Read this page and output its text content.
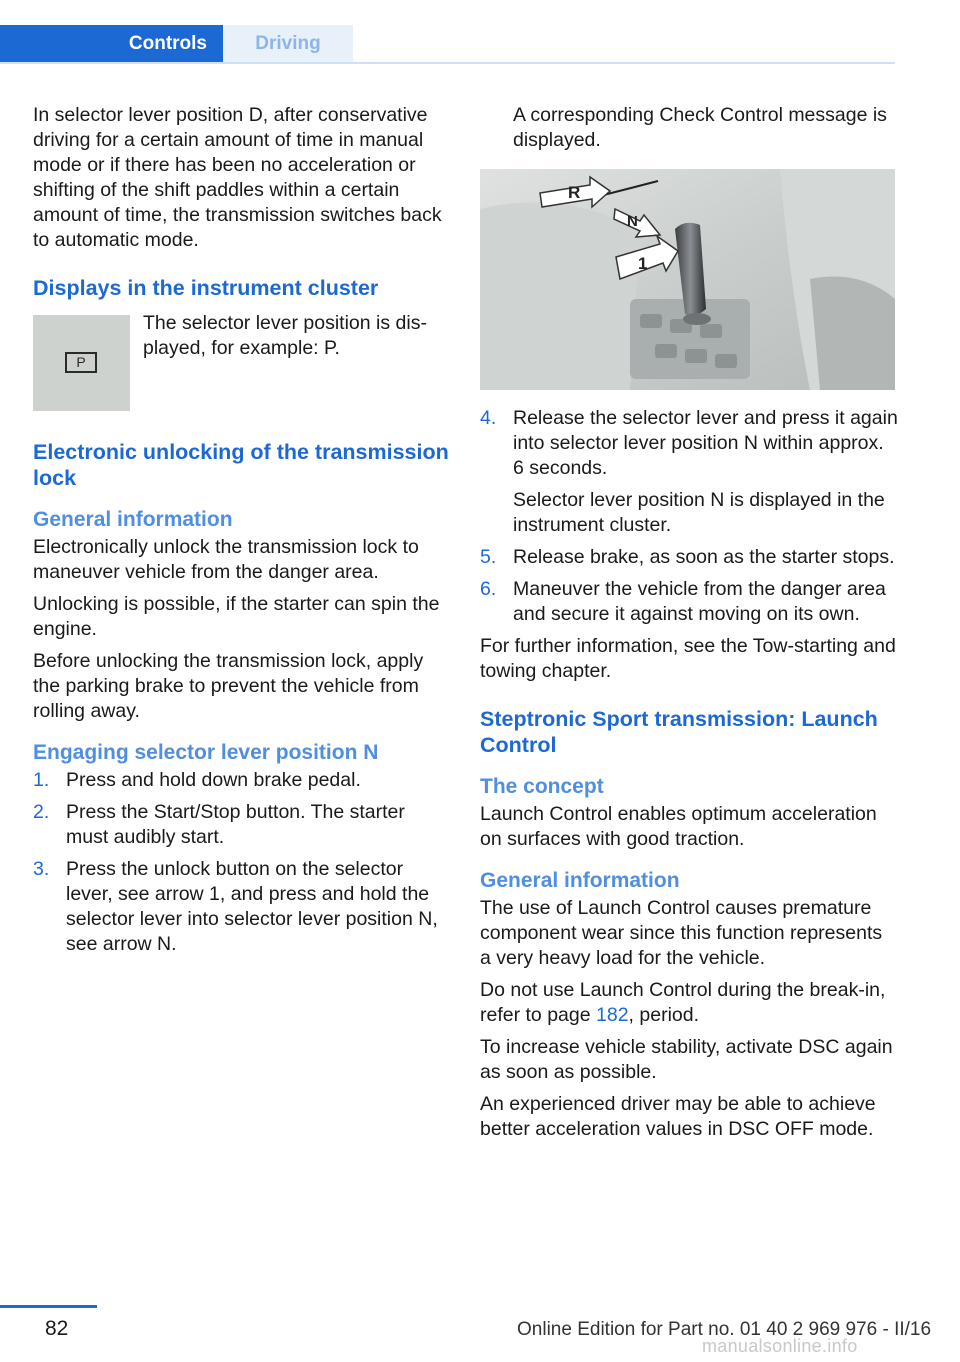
Controls	Driving

In selector lever position D, after conservative driving for a certain amount of time in manual mode or if there has been no acceleration or shifting of the shift paddles within a certain amount of time, the transmission switches back to automatic mode.

Displays in the instrument cluster
P
The selector lever position is dis‐played, for example: P.
Electronic unlocking of the transmission lock
General information

Electronically unlock the transmission lock to maneuver vehicle from the danger area.

Unlocking is possible, if the starter can spin the engine.

Before unlocking the transmission lock, apply the parking brake to prevent the vehicle from rolling away.

Engaging selector lever position N
1. Press and hold down brake pedal.
2. Press the Start/Stop button. The starter must audibly start.
3. Press the unlock button on the selector lever, see arrow 1, and press and hold the selector lever into selector lever position N, see arrow N.

A corresponding Check Control message is displayed.

R
N
1
4. Release the selector lever and press it again into selector lever position N within approx. 6 seconds.

Selector lever position N is displayed in the instrument cluster.

5. Release brake, as soon as the starter stops.
6. Maneuver the vehicle from the danger area and secure it against moving on its own.

For further information, see the Tow-starting and towing chapter.

Steptronic Sport transmission: Launch Control
The concept

Launch Control enables optimum acceleration on surfaces with good traction.

General information

The use of Launch Control causes premature component wear since this function represents a very heavy load for the vehicle.

Do not use Launch Control during the break-in, refer to page 182, period.

To increase vehicle stability, activate DSC again as soon as possible.

An experienced driver may be able to achieve better acceleration values in DSC OFF mode.

82	Online Edition for Part no. 01 40 2 969 976 - II/16
manualsonline.info
